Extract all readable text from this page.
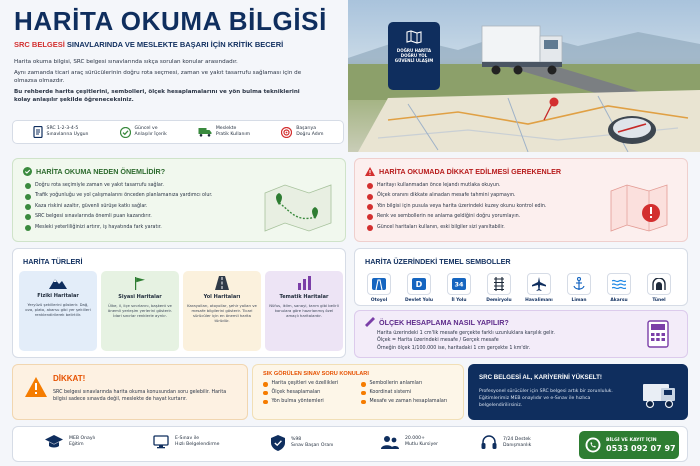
HARİTA OKUMA BİLGİSİ
SRC BELGESİ SINAVLARINDA VE MESLEKTE BAŞARI İÇİN KRİTİK BECERİ

Harita okuma bilgisi, SRC belgesi sınavlarında sıkça sorulan konular arasındadır.

Aynı zamanda ticari araç sürücülerinin doğru rota seçmesi, zaman ve yakıt tasarrufu sağlaması için de olmazsa olmazdır.

Bu rehberde harita çeşitlerini, sembolleri, ölçek hesaplamalarını ve yön bulma tekniklerini kolay anlaşılır şekilde öğreneceksiniz.

SRC 1-2-3-4-5
Sınavlarına Uygun
Güncel ve
Anlaşılır İçerik
Meslekte
Pratik Kullanım
Başarıya
Doğru Adım
DOĞRU HARİTA
DOĞRU YOL
GÜVENLİ ULAŞIM
HARİTA OKUMA NEDEN ÖNEMLİDİR?
Doğru rota seçimiyle zaman ve yakıt tasarrufu sağlar.
Trafik yoğunluğu ve yol çalışmalarını önceden planlamanıza yardımcı olur.
Kaza riskini azaltır, güvenli sürüşe katkı sağlar.
SRC belgesi sınavlarında önemli puan kazandırır.
Mesleki yeterliliğinizi artırır, iş hayatında fark yaratır.
HARİTA OKUMADA DİKKAT EDİLMESİ GEREKENLER
Haritayı kullanmadan önce lejandı mutlaka okuyun.
Ölçek oranını dikkate alınadan mesafe tahmini yapmayın.
Yön bilgisi için pusula veya harita üzerindeki kuzey okunu kontrol edin.
Renk ve sembollerin ne anlama geldiğini doğru yorumlayın.
Güncel haritaları kullanın, eski bilgiler sizi yanıltabilir.
HARİTA TÜRLERİ
Fiziki Haritalar
Yeryüzü şekillerini gösterir. Dağ, ova, plato, akarsu gibi yer şekilleri renklendirilerek belirtilir.
Siyasi Haritalar
Ülke, il, ilçe sınırlarını, başkent ve önemli yerleşim yerlerini gösterir. İdari sınırlar renklerle ayrılır.
Yol Haritaları
Karayolları, otoyollar, şehir yolları ve mesafe bilgilerini gösterir. Ticari sürücüler için en önemli harita türüdür.
Tematik Haritalar
Nüfus, iklim, sanayi, tarım gibi belirli konulara göre hazırlanmış özel amaçlı haritalardır.
HARİTA ÜZERİNDEKİ TEMEL SEMBOLLER
Otoyol
D
Devlet Yolu
34
İl Yolu	Demiryolu	Havalimanı	Liman	Akarsu	Tünel
ÖLÇEK HESAPLAMA NASIL YAPILIR?
Harita üzerindeki 1 cm'lik mesafe gerçekte farklı uzunluklara karşılık gelir.
Ölçek = Harita üzerindeki mesafe / Gerçek mesafe
Örneğin ölçek 1/100.000 ise, haritadaki 1 cm gerçekte 1 km'dir.
DİKKAT!
SRC belgesi sınavlarında harita okuma konusundan soru gelebilir. Harita bilgisi sadece sınavda değil, meslekte de hayat kurtarır.
SIK GÖRÜLEN SINAV SORU KONULARI
Harita çeşitleri ve özellikleri
Ölçek hesaplamaları
Yön bulma yöntemleri
Sembollerin anlamları
Koordinat sistemi
Mesafe ve zaman hesaplamaları
SRC BELGESİ AL, KARİYERİNİ YÜKSELT!
Profesyonel sürücüler için SRC belgesi artık bir zorunluluk. Eğitimlerimiz MEB onaylıdır ve e-Sınav ile hızlıca belgelendirilirsiniz.
MEB Onaylı
Eğitim
E-Sınav ile
Hızlı Belgelendirme
%98
Sınav Başarı Oranı
20.000+
Mutlu Kursiyer
7/24 Destek
Danışmanlık
BİLGİ VE KAYIT İÇİN
0533 092 07 97
